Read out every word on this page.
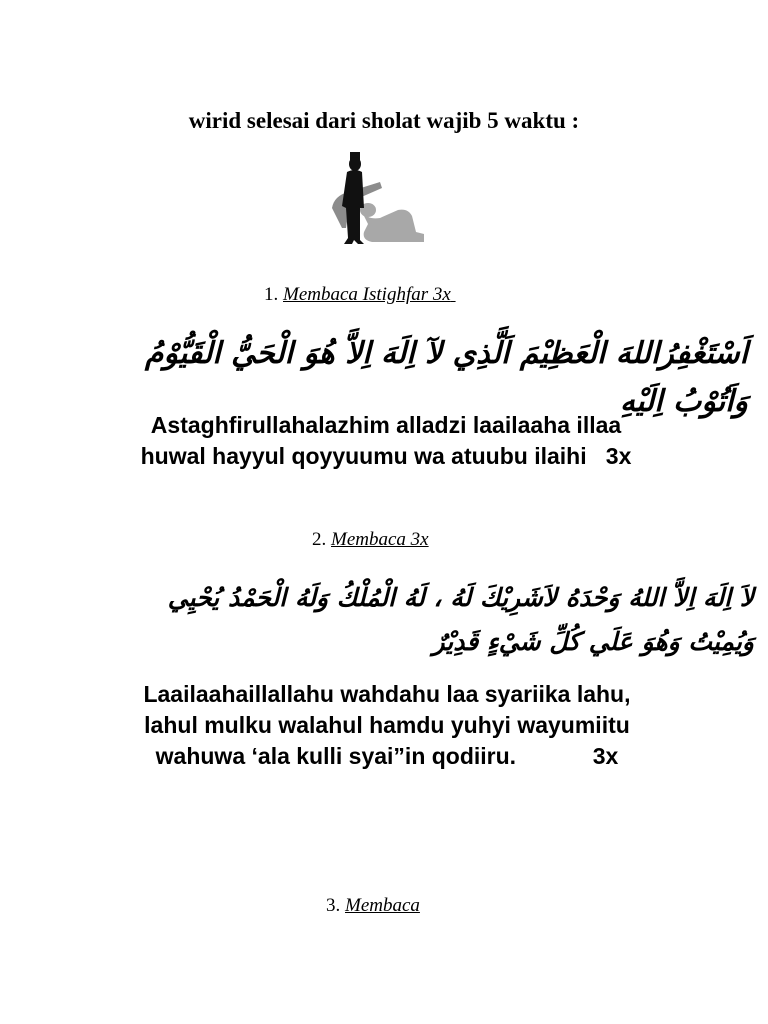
wirid selesai dari sholat wajib 5 waktu :
1. Membaca Istighfar 3x
اَسْتَغْفِرُاللهَ الْعَظِيْمَ اَلَّذِي لآ اِلَهَ اِلاَّ هُوَ الْحَيُّ الْقَيُّوْمُ وَاَتُوْبُ اِلَيْهِ
Astaghfirullahalazhim alladzi laailaaha illaa
huwal hayyul qoyyuumu wa atuubu ilaihi   3x
2. Membaca 3x
لاَ اِلَهَ اِلاَّ اللهُ وَحْدَهُ لاَشَرِيْكَ لَهُ ، لَهُ الْمُلْكُ وَلَهُ الْحَمْدُ يُحْيِي وَيُمِيْتُ وَهُوَ عَلَي كُلِّ شَيْءٍ قَدِيْرٌ
Laailaahaillallahu wahdahu laa syariika lahu,
lahul mulku walahul hamdu yuhyi wayumiitu
wahuwa ‘ala kulli syai”in qodiiru.            3x
3. Membaca
